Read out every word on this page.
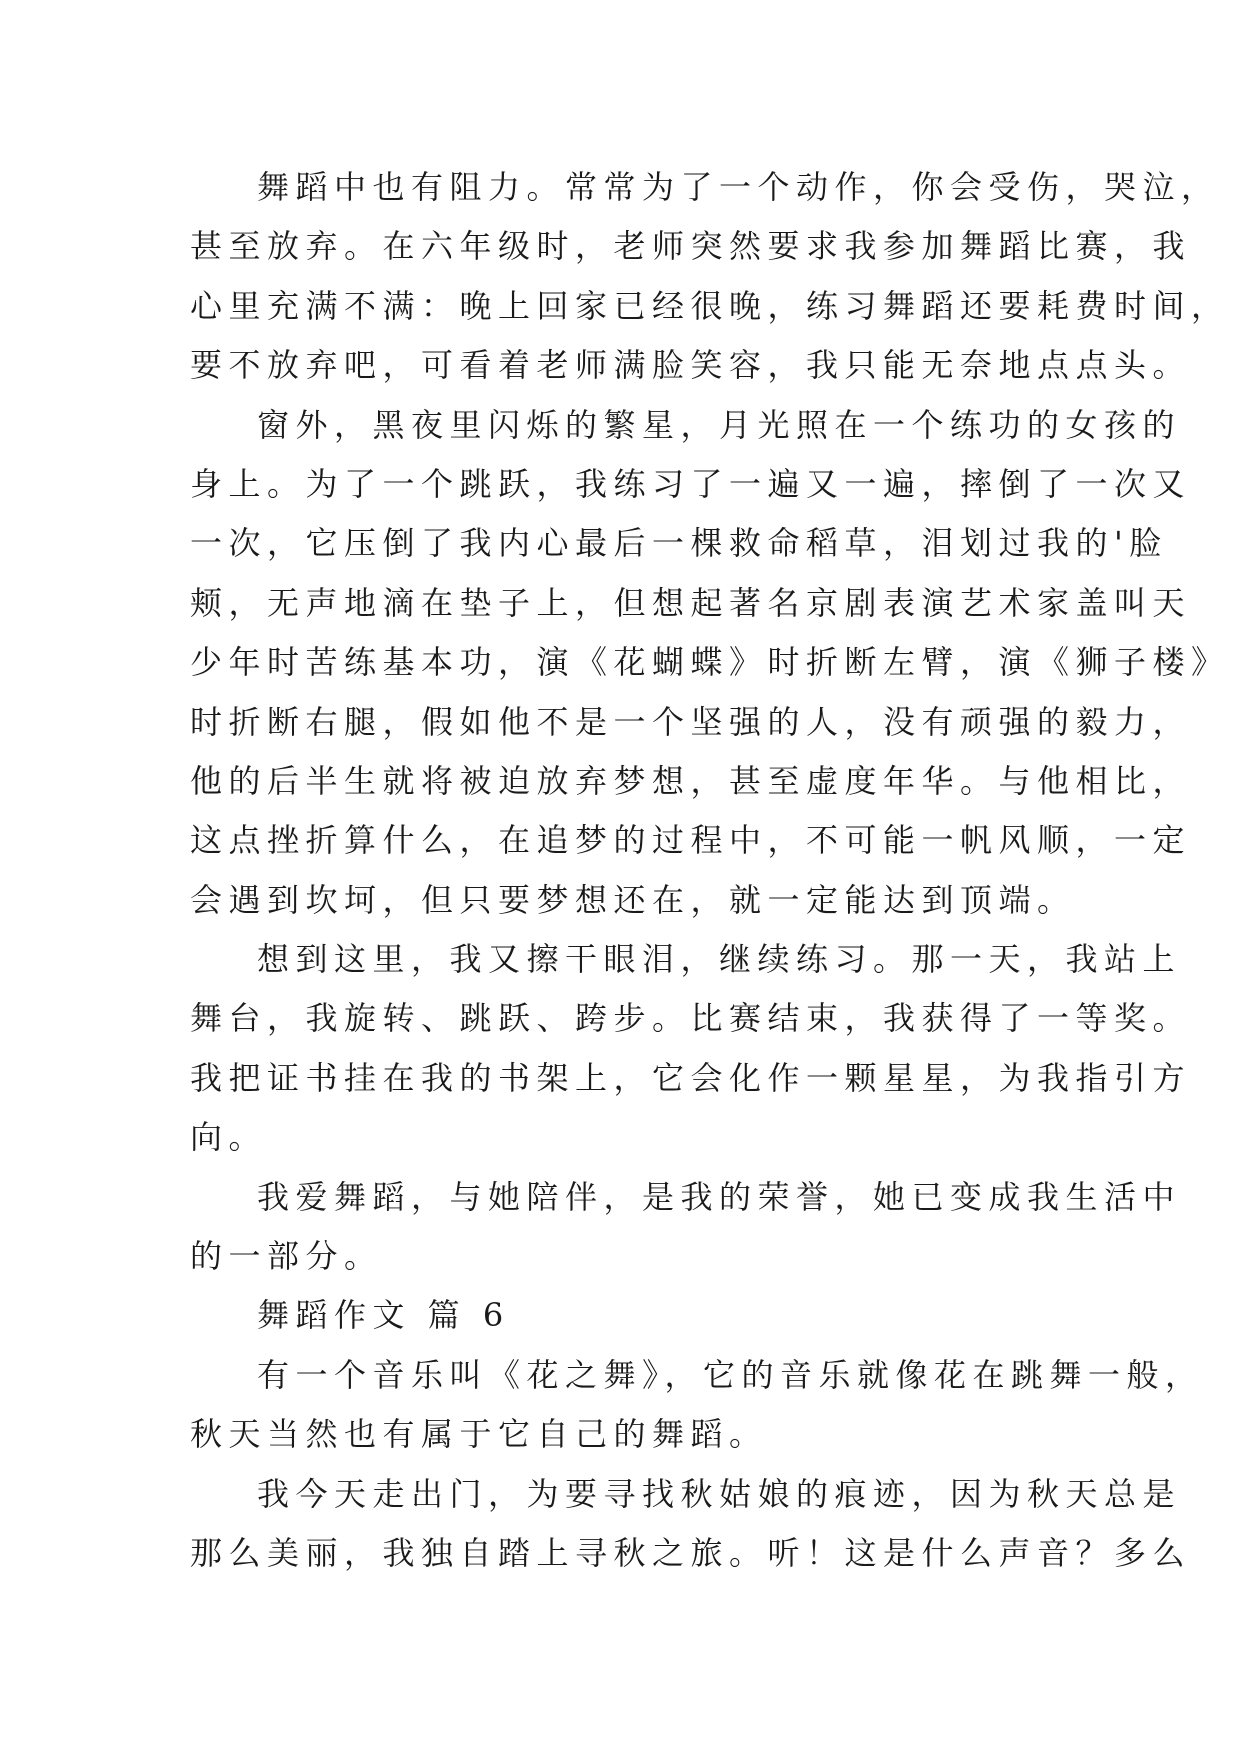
舞蹈中也有阻力。常常为了一个动作，你会受伤，哭泣，
甚至放弃。在六年级时，老师突然要求我参加舞蹈比赛，我
心里充满不满：晚上回家已经很晚，练习舞蹈还要耗费时间，
要不放弃吧，可看着老师满脸笑容，我只能无奈地点点头。
窗外，黑夜里闪烁的繁星，月光照在一个练功的女孩的
身上。为了一个跳跃，我练习了一遍又一遍，摔倒了一次又
一次，它压倒了我内心最后一棵救命稻草，泪划过我的'脸
颊，无声地滴在垫子上，但想起著名京剧表演艺术家盖叫天
少年时苦练基本功，演《花蝴蝶》时折断左臂，演《狮子楼》
时折断右腿，假如他不是一个坚强的人，没有顽强的毅力，
他的后半生就将被迫放弃梦想，甚至虚度年华。与他相比，
这点挫折算什么，在追梦的过程中，不可能一帆风顺，一定
会遇到坎坷，但只要梦想还在，就一定能达到顶端。
想到这里，我又擦干眼泪，继续练习。那一天，我站上
舞台，我旋转、跳跃、跨步。比赛结束，我获得了一等奖。
我把证书挂在我的书架上，它会化作一颗星星，为我指引方
向。
我爱舞蹈，与她陪伴，是我的荣誉，她已变成我生活中
的一部分。
舞蹈作文 篇 6
有一个音乐叫《花之舞》，它的音乐就像花在跳舞一般，
秋天当然也有属于它自己的舞蹈。
我今天走出门，为要寻找秋姑娘的痕迹，因为秋天总是
那么美丽，我独自踏上寻秋之旅。听！这是什么声音？多么
